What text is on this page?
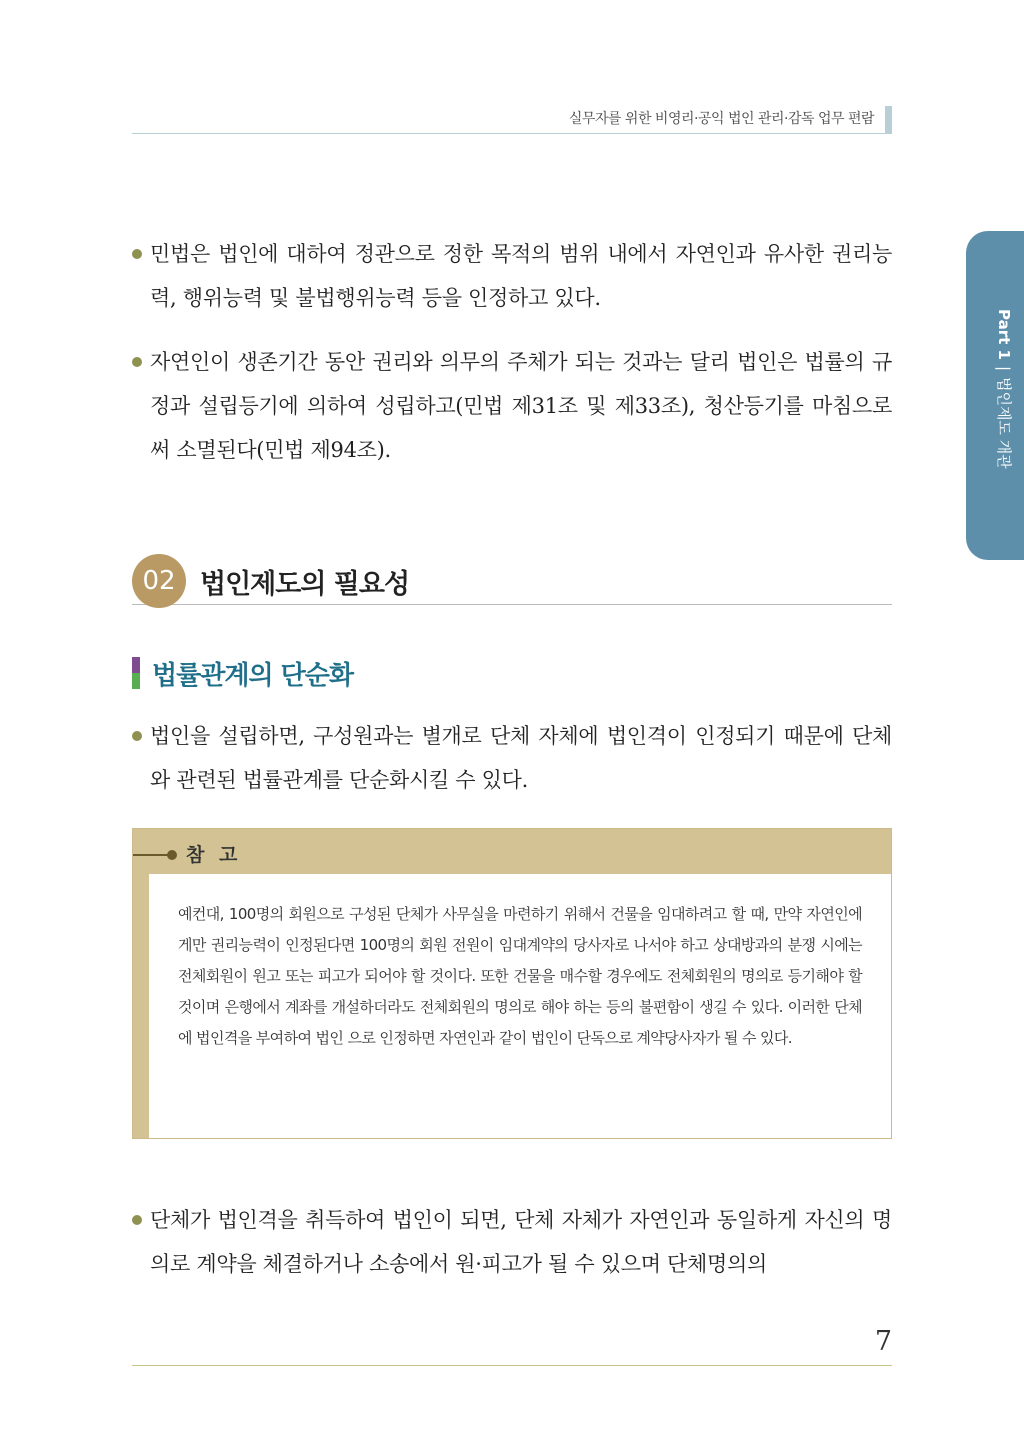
실무자를 위한 비영리·공익 법인 관리·감독 업무 편람
Part 1|법인제도 개관
민법은 법인에 대하여 정관으로 정한 목적의 범위 내에서 자연인과 유사한 권리능력, 행위능력 및 불법행위능력 등을 인정하고 있다.
자연인이 생존기간 동안 권리와 의무의 주체가 되는 것과는 달리 법인은 법률의 규정과 설립등기에 의하여 성립하고(민법 제31조 및 제33조), 청산등기를 마침으로써 소멸된다(민법 제94조).
02 법인제도의 필요성
법률관계의 단순화
법인을 설립하면, 구성원과는 별개로 단체 자체에 법인격이 인정되기 때문에 단체와 관련된 법률관계를 단순화시킬 수 있다.
참 고
예컨대, 100명의 회원으로 구성된 단체가 사무실을 마련하기 위해서 건물을 임대하려고 할 때, 만약 자연인에게만 권리능력이 인정된다면 100명의 회원 전원이 임대계약의 당사자로 나서야 하고 상대방과의 분쟁 시에는 전체회원이 원고 또는 피고가 되어야 할 것이다. 또한 건물을 매수할 경우에도 전체회원의 명의로 등기해야 할 것이며 은행에서 계좌를 개설하더라도 전체회원의 명의로 해야 하는 등의 불편함이 생길 수 있다. 이러한 단체에 법인격을 부여하여 법인 으로 인정하면 자연인과 같이 법인이 단독으로 계약당사자가 될 수 있다.
단체가 법인격을 취득하여 법인이 되면, 단체 자체가 자연인과 동일하게 자신의 명의로 계약을 체결하거나 소송에서 원·피고가 될 수 있으며 단체명의의
7
